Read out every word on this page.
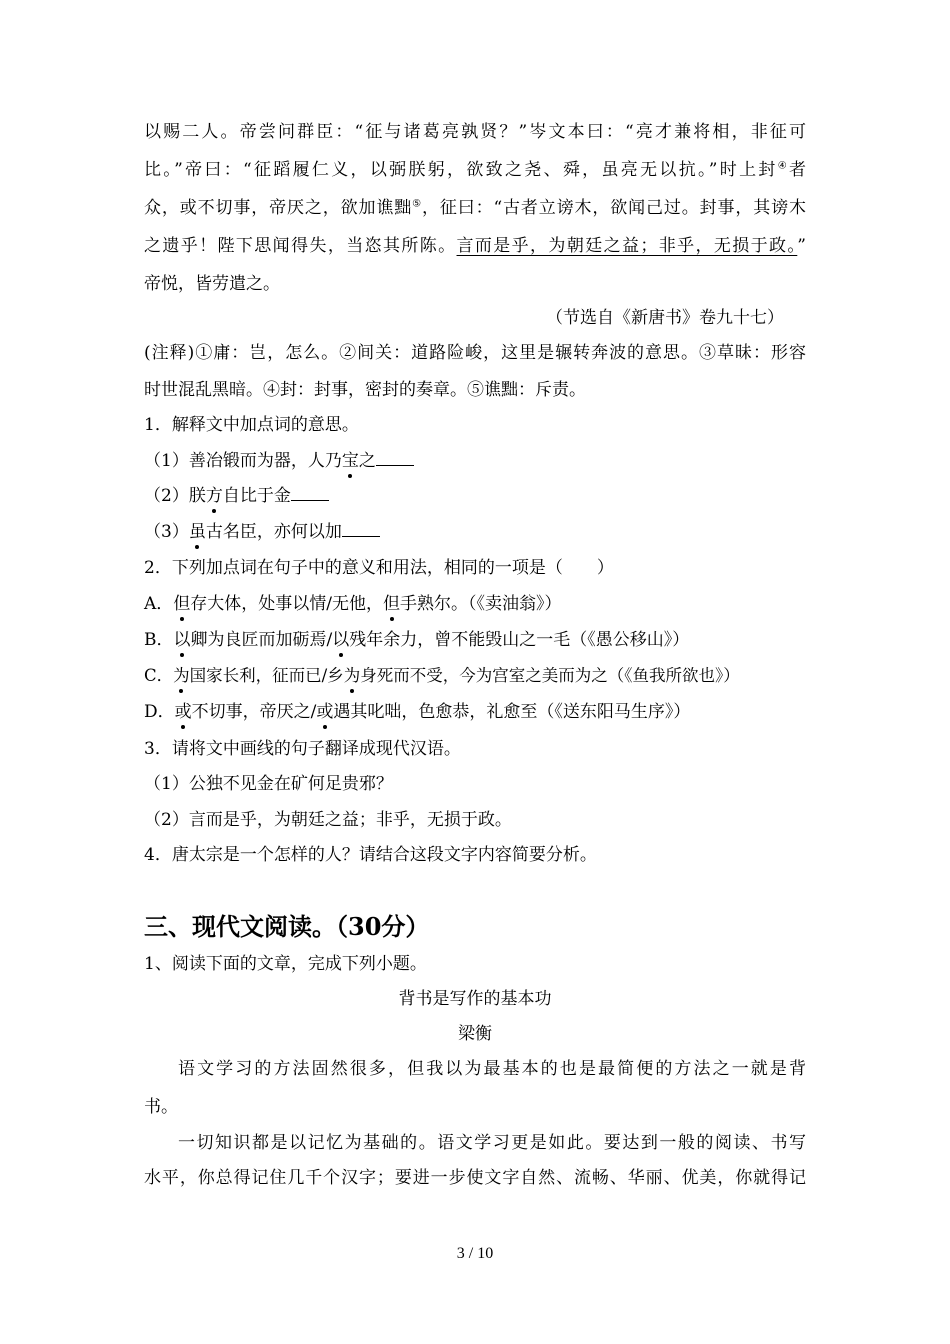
以赐二人。帝尝问群臣：“征与诸葛亮孰贤？”岑文本曰：“亮才兼将相，非征可
比。”帝曰：“征蹈履仁义，以弼朕躬，欲致之尧、舜，虽亮无以抗。”时上封④者
众，或不切事，帝厌之，欲加谯黜⑤，征曰：“古者立谤木，欲闻己过。封事，其谤木
之遗乎！陛下思闻得失，当恣其所陈。言而是乎，为朝廷之益；非乎，无损于政。”
帝悦，皆劳遣之。
（节选自《新唐书》卷九十七）
(注释)①庸：岂，怎么。②间关：道路险峻，这里是辗转奔波的意思。③草昧：形容
时世混乱黑暗。④封：封事，密封的奏章。⑤谯黜：斥责。
1．解释文中加点词的意思。
（1）善冶锻而为器，人乃宝之
（2）朕方自比于金
（3）虽古名臣，亦何以加
2．下列加点词在句子中的意义和用法，相同的一项是（　　）
A．但存大体，处事以情/无他，但手熟尔。（《卖油翁》）
B．以卿为良匠而加砺焉/以残年余力，曾不能毁山之一毛（《愚公移山》）
C．为国家长利，征而已/乡为身死而不受，今为宫室之美而为之（《鱼我所欲也》）
D．或不切事，帝厌之/或遇其叱咄，色愈恭，礼愈至（《送东阳马生序》）
3．请将文中画线的句子翻译成现代汉语。
（1）公独不见金在矿何足贵邪？
（2）言而是乎，为朝廷之益；非乎，无损于政。
4．唐太宗是一个怎样的人？请结合这段文字内容简要分析。
三、现代文阅读。（30分）
1、阅读下面的文章，完成下列小题。
背书是写作的基本功
梁衡
语文学习的方法固然很多，但我以为最基本的也是最简便的方法之一就是背
书。
一切知识都是以记忆为基础的。语文学习更是如此。要达到一般的阅读、书写
水平，你总得记住几千个汉字；要进一步使文字自然、流畅、华丽、优美，你就得记
3 / 10
